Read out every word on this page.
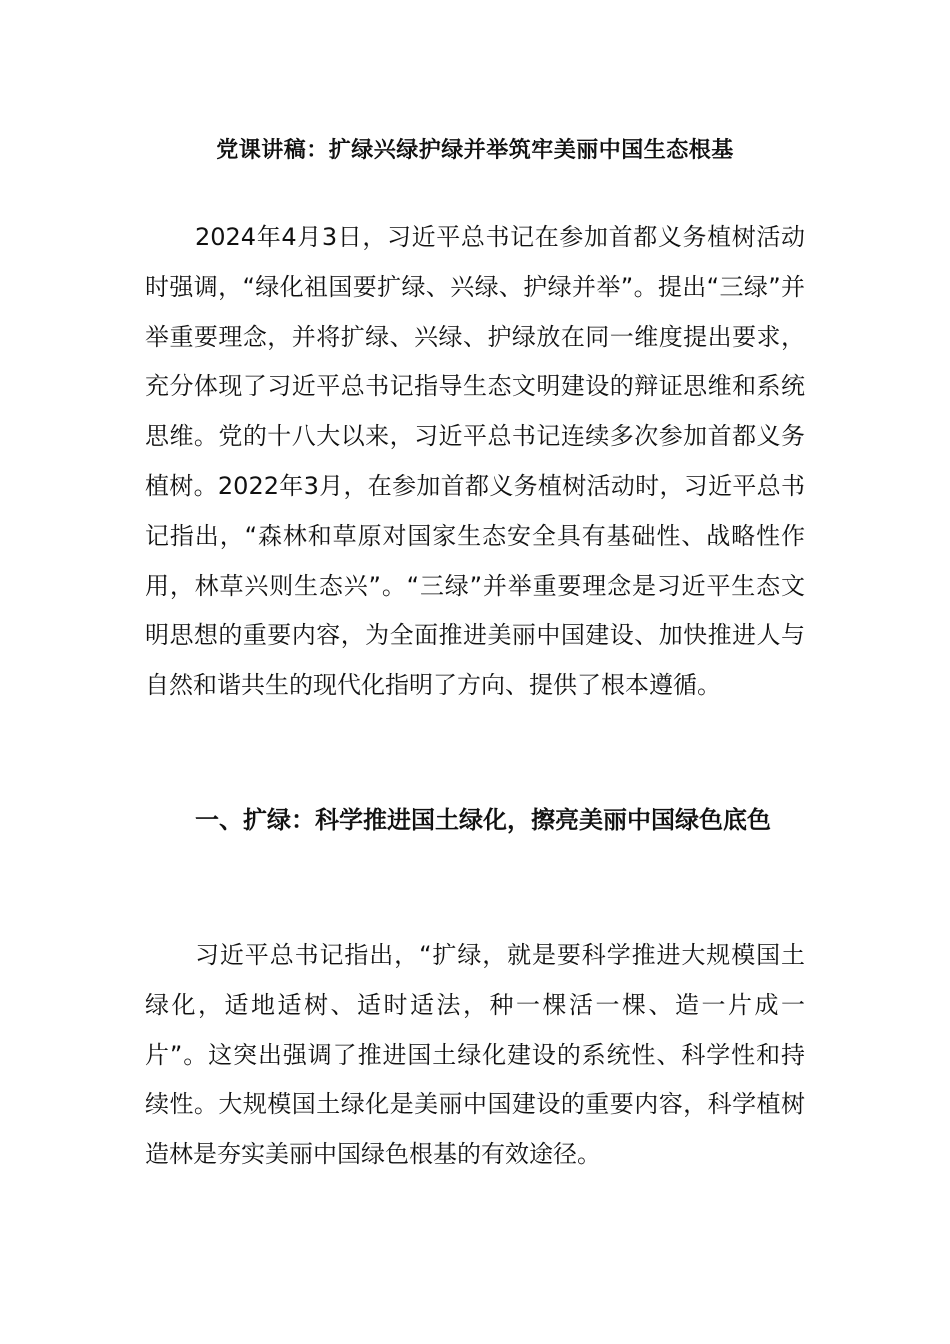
党课讲稿：扩绿兴绿护绿并举筑牢美丽中国生态根基

2024年4月3日，习近平总书记在参加首都义务植树活动时强调，“绿化祖国要扩绿、兴绿、护绿并举”。提出“三绿”并举重要理念，并将扩绿、兴绿、护绿放在同一维度提出要求，充分体现了习近平总书记指导生态文明建设的辩证思维和系统思维。党的十八大以来，习近平总书记连续多次参加首都义务植树。2022年3月，在参加首都义务植树活动时，习近平总书记指出，“森林和草原对国家生态安全具有基础性、战略性作用，林草兴则生态兴”。“三绿”并举重要理念是习近平生态文明思想的重要内容，为全面推进美丽中国建设、加快推进人与自然和谐共生的现代化指明了方向、提供了根本遵循。

一、扩绿：科学推进国土绿化，擦亮美丽中国绿色底色

习近平总书记指出，“扩绿，就是要科学推进大规模国土绿化，适地适树、适时适法，种一棵活一棵、造一片成一片”。这突出强调了推进国土绿化建设的系统性、科学性和持续性。大规模国土绿化是美丽中国建设的重要内容，科学植树造林是夯实美丽中国绿色根基的有效途径。
